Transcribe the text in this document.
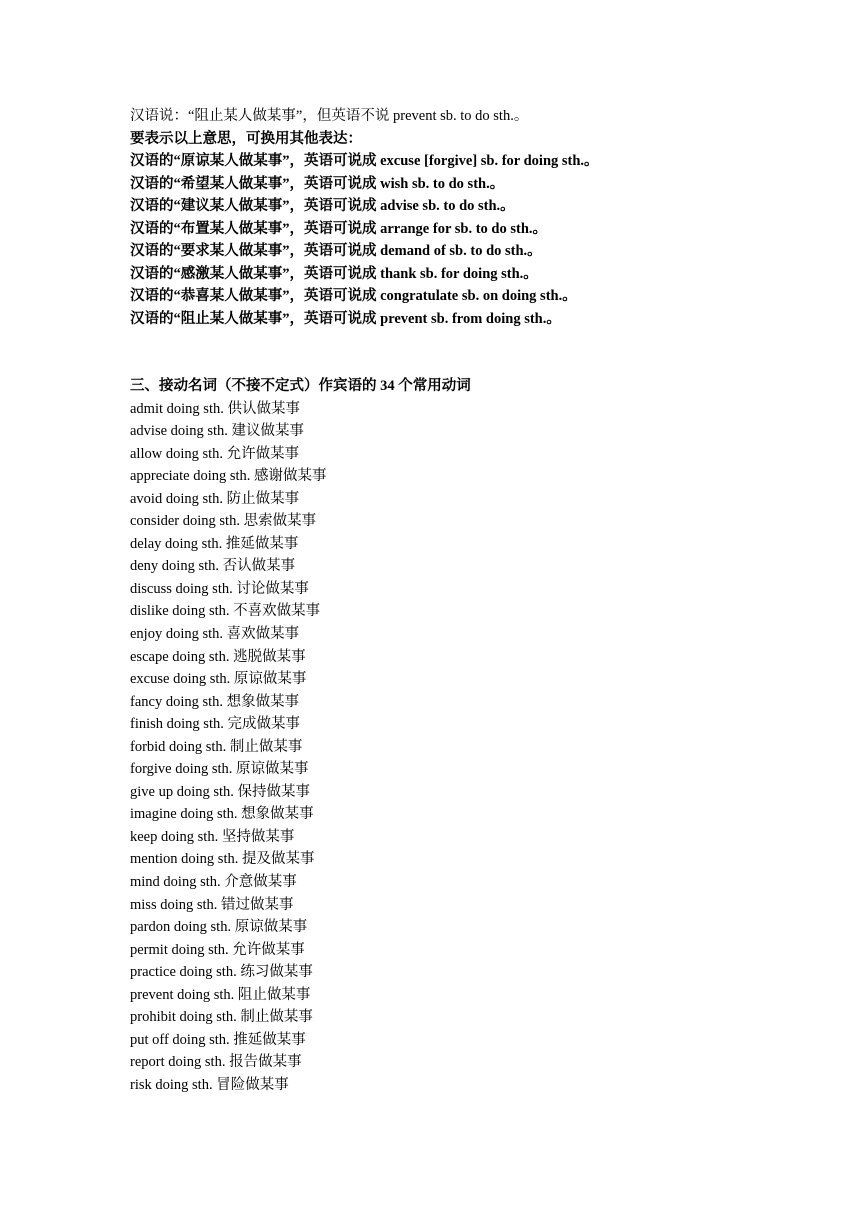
汉语说：“阻止某人做某事”，但英语不说 prevent sb. to do sth.。
要表示以上意思，可换用其他表达：
汉语的“原谅某人做某事”，英语可说成 excuse [forgive] sb. for doing sth.。
汉语的“希望某人做某事”，英语可说成 wish sb. to do sth.。
汉语的“建议某人做某事”，英语可说成 advise sb. to do sth.。
汉语的“布置某人做某事”，英语可说成 arrange for sb. to do sth.。
汉语的“要求某人做某事”，英语可说成 demand of sb. to do sth.。
汉语的“感激某人做某事”，英语可说成 thank sb. for doing sth.。
汉语的“恭喜某人做某事”，英语可说成 congratulate sb. on doing sth.。
汉语的“阻止某人做某事”，英语可说成 prevent sb. from doing sth.。
三、接动名词（不接不定式）作宾语的 34 个常用动词
admit doing sth. 供认做某事
advise doing sth. 建议做某事
allow doing sth. 允许做某事
appreciate doing sth. 感谢做某事
avoid doing sth. 防止做某事
consider doing sth. 思索做某事
delay doing sth. 推延做某事
deny doing sth. 否认做某事
discuss doing sth. 讨论做某事
dislike doing sth. 不喜欢做某事
enjoy doing sth. 喜欢做某事
escape doing sth. 逃脱做某事
excuse doing sth. 原谅做某事
fancy doing sth. 想象做某事
finish doing sth. 完成做某事
forbid doing sth. 制止做某事
forgive doing sth. 原谅做某事
give up doing sth. 保持做某事
imagine doing sth. 想象做某事
keep doing sth. 坚持做某事
mention doing sth. 提及做某事
mind doing sth. 介意做某事
miss doing sth. 错过做某事
pardon doing sth. 原谅做某事
permit doing sth. 允许做某事
practice doing sth. 练习做某事
prevent doing sth. 阻止做某事
prohibit doing sth. 制止做某事
put off doing sth. 推延做某事
report doing sth. 报告做某事
risk doing sth. 冒险做某事
